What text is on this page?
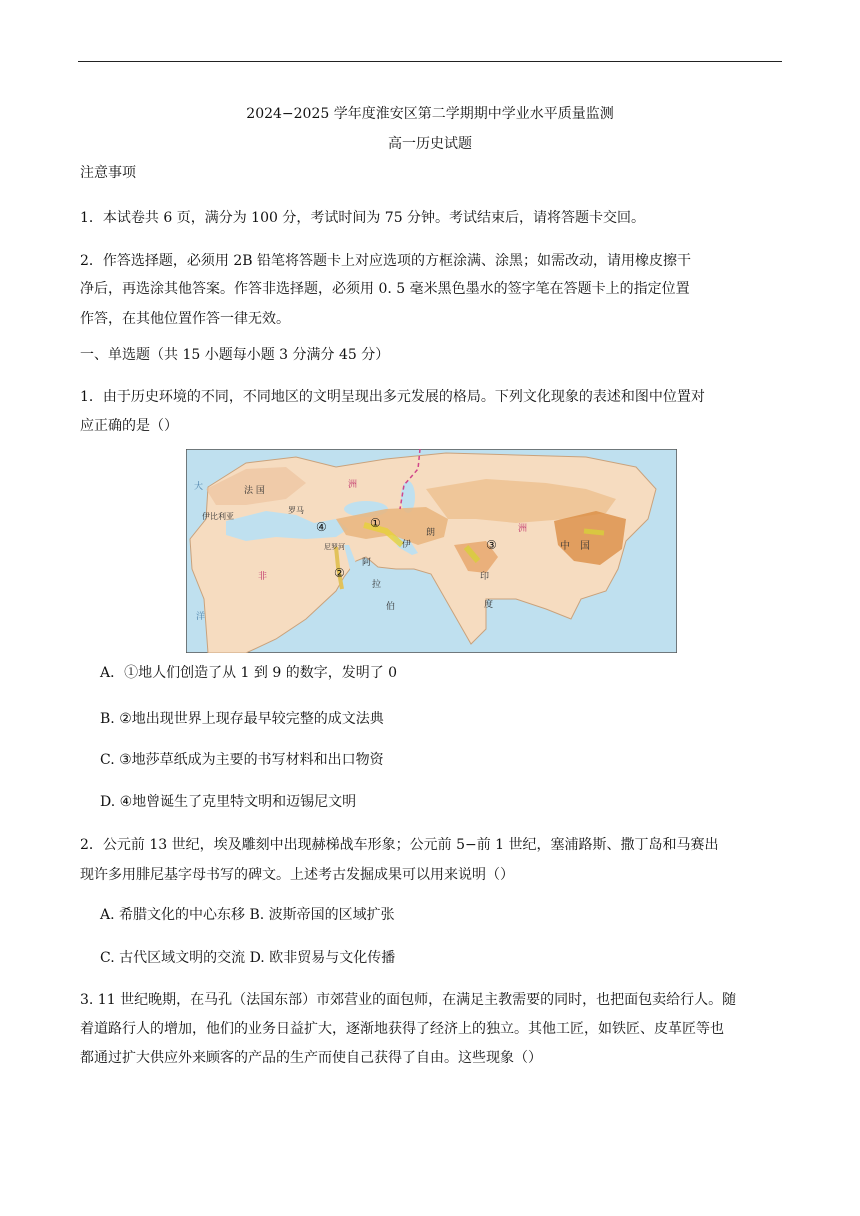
2024−2025 学年度淮安区第二学期期中学业水平质量监测
高一历史试题
注意事项
1．本试卷共 6 页，满分为 100 分，考试时间为 75 分钟。考试结束后，请将答题卡交回。
2．作答选择题，必须用 2B 铅笔将答题卡上对应选项的方框涂满、涂黑；如需改动，请用橡皮擦干
净后，再选涂其他答案。作答非选择题，必须用 0. 5 毫米黑色墨水的签字笔在答题卡上的指定位置
作答，在其他位置作答一律无效。
一、单选题（共 15 小题每小题 3 分满分 45 分）
1．由于历史环境的不同，不同地区的文明呈现出多元发展的格局。下列文化现象的表述和图中位置对
应正确的是（）
法 国
伊比利亚
罗马
洲
尼罗河
阿
拉
伯
伊
朗
印
度
中　国
非
洲
大
洋
①
②
③
④
A．①地人们创造了从 1 到 9 的数字，发明了 0
B. ②地出现世界上现存最早较完整的成文法典
C. ③地莎草纸成为主要的书写材料和出口物资
D. ④地曾诞生了克里特文明和迈锡尼文明
2．公元前 13 世纪，埃及雕刻中出现赫梯战车形象；公元前 5−前 1 世纪，塞浦路斯、撒丁岛和马赛出
现许多用腓尼基字母书写的碑文。上述考古发掘成果可以用来说明（）
A. 希腊文化的中心东移 B. 波斯帝国的区域扩张
C. 古代区域文明的交流 D. 欧非贸易与文化传播
3. 11 世纪晚期，在马孔（法国东部）市郊营业的面包师，在满足主教需要的同时，也把面包卖给行人。随
着道路行人的增加，他们的业务日益扩大，逐渐地获得了经济上的独立。其他工匠，如铁匠、皮革匠等也
都通过扩大供应外来顾客的产品的生产而使自己获得了自由。这些现象（）
